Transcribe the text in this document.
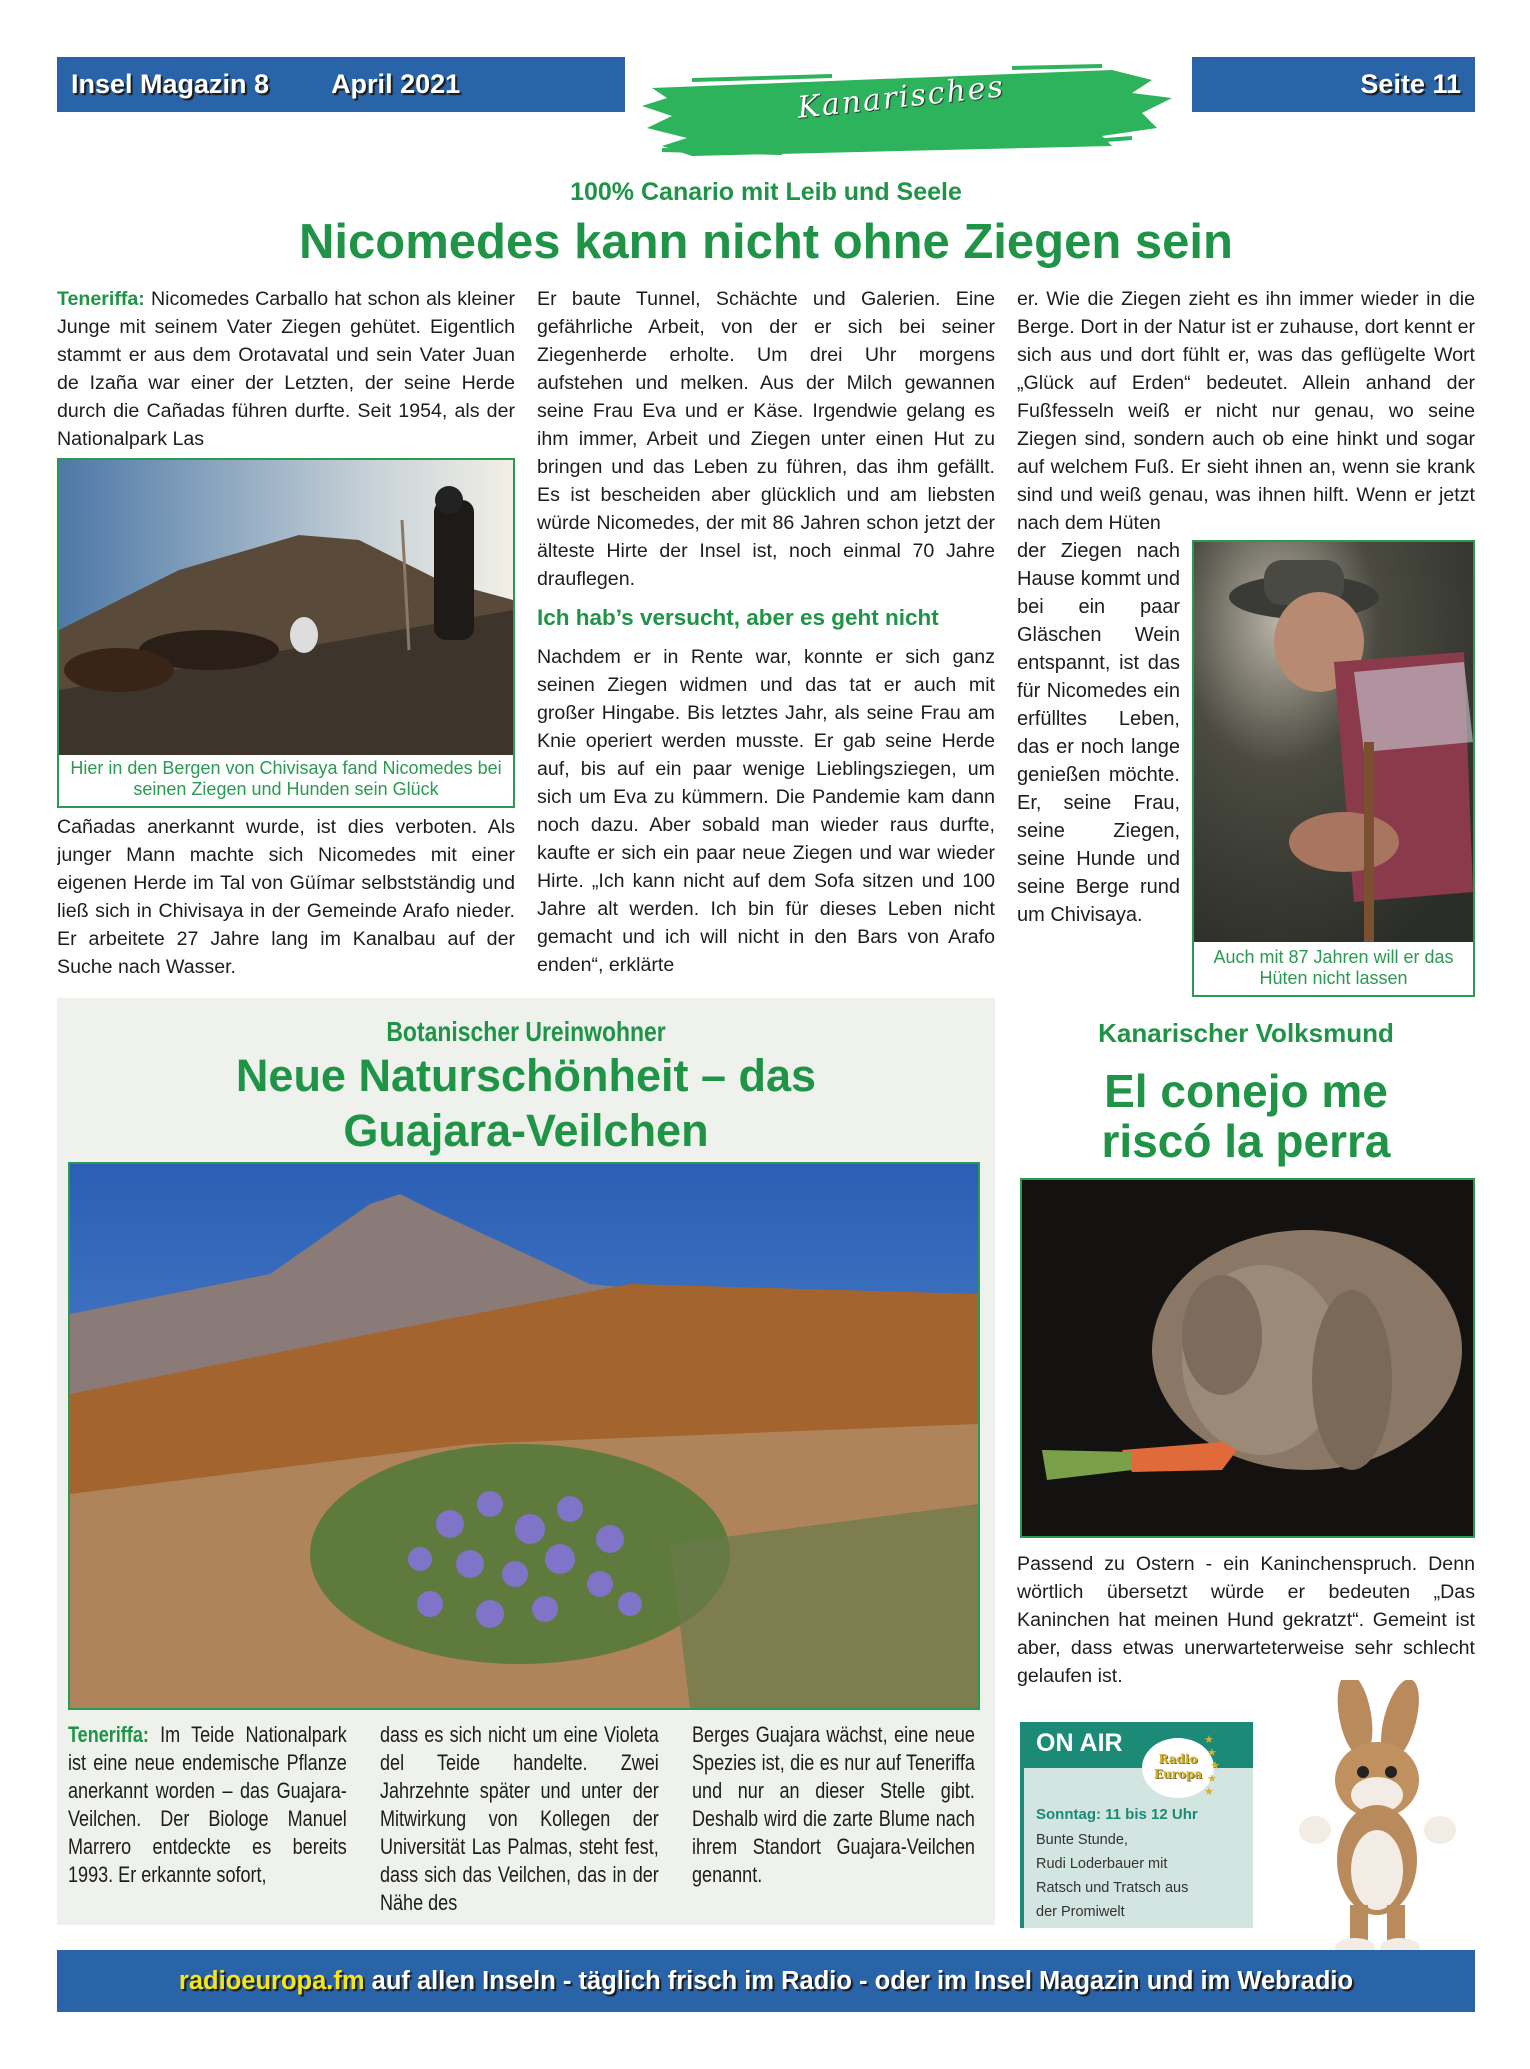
Insel Magazin 8 April 2021	Seite 11
Kanarisches
100% Canario mit Leib und Seele
Nicomedes kann nicht ohne Ziegen sein

Teneriffa: Nicomedes Carballo hat schon als kleiner Junge mit seinem Vater Ziegen gehütet. Eigentlich stammt er aus dem Orotavatal und sein Vater Juan de Izaña war einer der Letzten, der seine Herde durch die Cañadas führen durfte. Seit 1954, als der Nationalpark Las

Hier in den Bergen von Chivisaya fand Nicomedes bei seinen Ziegen und Hunden sein Glück

Cañadas anerkannt wurde, ist dies verboten. Als junger Mann machte sich Nicomedes mit einer eigenen Herde im Tal von Güímar selbstständig und ließ sich in Chivisaya in der Gemeinde Arafo nieder. Er arbeitete 27 Jahre lang im Kanalbau auf der Suche nach Wasser.

Er baute Tunnel, Schächte und Galerien. Eine gefährliche Arbeit, von der er sich bei seiner Ziegenherde erholte. Um drei Uhr morgens aufstehen und melken. Aus der Milch gewannen seine Frau Eva und er Käse. Irgendwie gelang es ihm immer, Arbeit und Ziegen unter einen Hut zu bringen und das Leben zu führen, das ihm gefällt. Es ist bescheiden aber glücklich und am liebsten würde Nicomedes, der mit 86 Jahren schon jetzt der älteste Hirte der Insel ist, noch einmal 70 Jahre drauflegen.

Ich hab’s versucht, aber es geht nicht

Nachdem er in Rente war, konnte er sich ganz seinen Ziegen widmen und das tat er auch mit großer Hingabe. Bis letztes Jahr, als seine Frau am Knie operiert werden musste. Er gab seine Herde auf, bis auf ein paar wenige Lieblingsziegen, um sich um Eva zu kümmern. Die Pandemie kam dann noch dazu. Aber sobald man wieder raus durfte, kaufte er sich ein paar neue Ziegen und war wieder Hirte. „Ich kann nicht auf dem Sofa sitzen und 100 Jahre alt werden. Ich bin für dieses Leben nicht gemacht und ich will nicht in den Bars von Arafo enden“, erklärte

er. Wie die Ziegen zieht es ihn immer wieder in die Berge. Dort in der Natur ist er zuhause, dort kennt er sich aus und dort fühlt er, was das geflügelte Wort „Glück auf Erden“ bedeutet. Allein anhand der Fußfesseln weiß er nicht nur genau, wo seine Ziegen sind, sondern auch ob eine hinkt und sogar auf welchem Fuß. Er sieht ihnen an, wenn sie krank sind und weiß genau, was ihnen hilft. Wenn er jetzt nach dem Hüten

der Ziegen nach Hause kommt und bei ein paar Gläschen Wein entspannt, ist das für Nicomedes ein erfülltes Leben, das er noch lange genießen möchte. Er, seine Frau, seine Ziegen, seine Hunde und seine Berge rund um Chivisaya.

Auch mit 87 Jahren will er das Hüten nicht lassen
Botanischer Ureinwohner
Neue Naturschönheit – das
Guajara-Veilchen

Teneriffa: Im Teide Nationalpark ist eine neue endemische Pflanze anerkannt worden – das Guajara-Veilchen. Der Biologe Manuel Marrero entdeckte es bereits 1993. Er erkannte sofort,

dass es sich nicht um eine Violeta del Teide handelte. Zwei Jahrzehnte später und unter der Mitwirkung von Kollegen der Universität Las Palmas, steht fest, dass sich das Veilchen, das in der Nähe des

Berges Guajara wächst, eine neue Spezies ist, die es nur auf Teneriffa und nur an dieser Stelle gibt. Deshalb wird die zarte Blume nach ihrem Standort Guajara-Veilchen genannt.

Kanarischer Volksmund
El conejo me
riscó la perra
Passend zu Ostern - ein Kaninchenspruch. Denn wörtlich übersetzt würde er bedeuten „Das Kaninchen hat meinen Hund gekratzt“. Gemeint ist aber, dass etwas unerwarteterweise sehr schlecht gelaufen ist.
ON AIR
Radio
Europa
★
★
★
★
★
Sonntag: 11 bis 12 Uhr
Bunte Stunde,
Rudi Loderbauer mit
Ratsch und Tratsch aus
der Promiwelt
radioeuropa.fm auf allen Inseln - täglich frisch im Radio - oder im Insel Magazin und im Webradio
